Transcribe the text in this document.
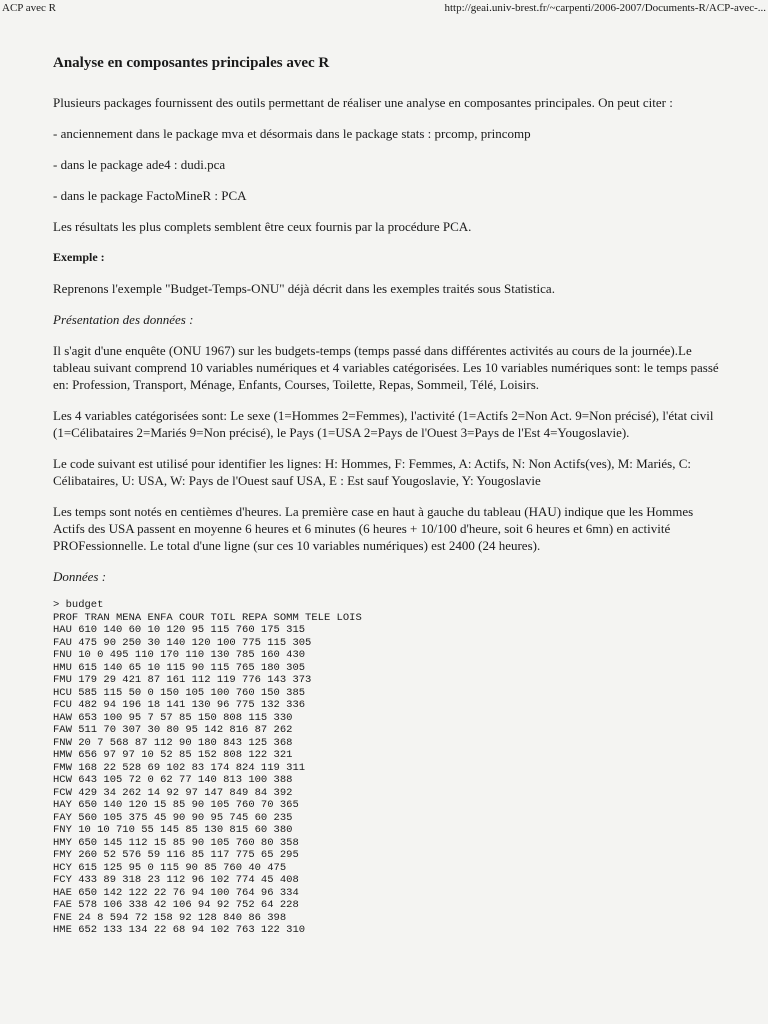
ACP avec R	http://geai.univ-brest.fr/~carpenti/2006-2007/Documents-R/ACP-avec-...
Analyse en composantes principales avec R

Plusieurs packages fournissent des outils permettant de réaliser une analyse en composantes principales. On peut citer :

- anciennement dans le package mva et désormais dans le package stats : prcomp, princomp

- dans le package ade4 : dudi.pca

- dans le package FactoMineR : PCA

Les résultats les plus complets semblent être ceux fournis par la procédure PCA.

Exemple :

Reprenons l'exemple "Budget-Temps-ONU" déjà décrit dans les exemples traités sous Statistica.

Présentation des données :

Il s'agit d'une enquête (ONU 1967) sur les budgets-temps (temps passé dans différentes activités au cours de la journée).Le tableau suivant comprend 10 variables numériques et 4 variables catégorisées. Les 10 variables numériques sont: le temps passé en: Profession, Transport, Ménage, Enfants, Courses, Toilette, Repas, Sommeil, Télé, Loisirs.

Les 4 variables catégorisées sont: Le sexe (1=Hommes 2=Femmes), l'activité (1=Actifs 2=Non Act. 9=Non précisé), l'état civil (1=Célibataires 2=Mariés 9=Non précisé), le Pays (1=USA 2=Pays de l'Ouest 3=Pays de l'Est 4=Yougoslavie).

Le code suivant est utilisé pour identifier les lignes: H: Hommes, F: Femmes, A: Actifs, N: Non Actifs(ves), M: Mariés, C: Célibataires, U: USA, W: Pays de l'Ouest sauf USA, E : Est sauf Yougoslavie, Y: Yougoslavie

Les temps sont notés en centièmes d'heures. La première case en haut à gauche du tableau (HAU) indique que les Hommes Actifs des USA passent en moyenne 6 heures et 6 minutes (6 heures + 10/100 d'heure, soit 6 heures et 6mn) en activité PROFessionnelle. Le total d'une ligne (sur ces 10 variables numériques) est 2400 (24 heures).

Données :

> budget
PROF TRAN MENA ENFA COUR TOIL REPA SOMM TELE LOIS
HAU 610 140 60 10 120 95 115 760 175 315
FAU 475 90 250 30 140 120 100 775 115 305
FNU 10 0 495 110 170 110 130 785 160 430
HMU 615 140 65 10 115 90 115 765 180 305
FMU 179 29 421 87 161 112 119 776 143 373
HCU 585 115 50 0 150 105 100 760 150 385
FCU 482 94 196 18 141 130 96 775 132 336
HAW 653 100 95 7 57 85 150 808 115 330
FAW 511 70 307 30 80 95 142 816 87 262
FNW 20 7 568 87 112 90 180 843 125 368
HMW 656 97 97 10 52 85 152 808 122 321
FMW 168 22 528 69 102 83 174 824 119 311
HCW 643 105 72 0 62 77 140 813 100 388
FCW 429 34 262 14 92 97 147 849 84 392
HAY 650 140 120 15 85 90 105 760 70 365
FAY 560 105 375 45 90 90 95 745 60 235
FNY 10 10 710 55 145 85 130 815 60 380
HMY 650 145 112 15 85 90 105 760 80 358
FMY 260 52 576 59 116 85 117 775 65 295
HCY 615 125 95 0 115 90 85 760 40 475
FCY 433 89 318 23 112 96 102 774 45 408
HAE 650 142 122 22 76 94 100 764 96 334
FAE 578 106 338 42 106 94 92 752 64 228
FNE 24 8 594 72 158 92 128 840 86 398
HME 652 133 134 22 68 94 102 763 122 310
